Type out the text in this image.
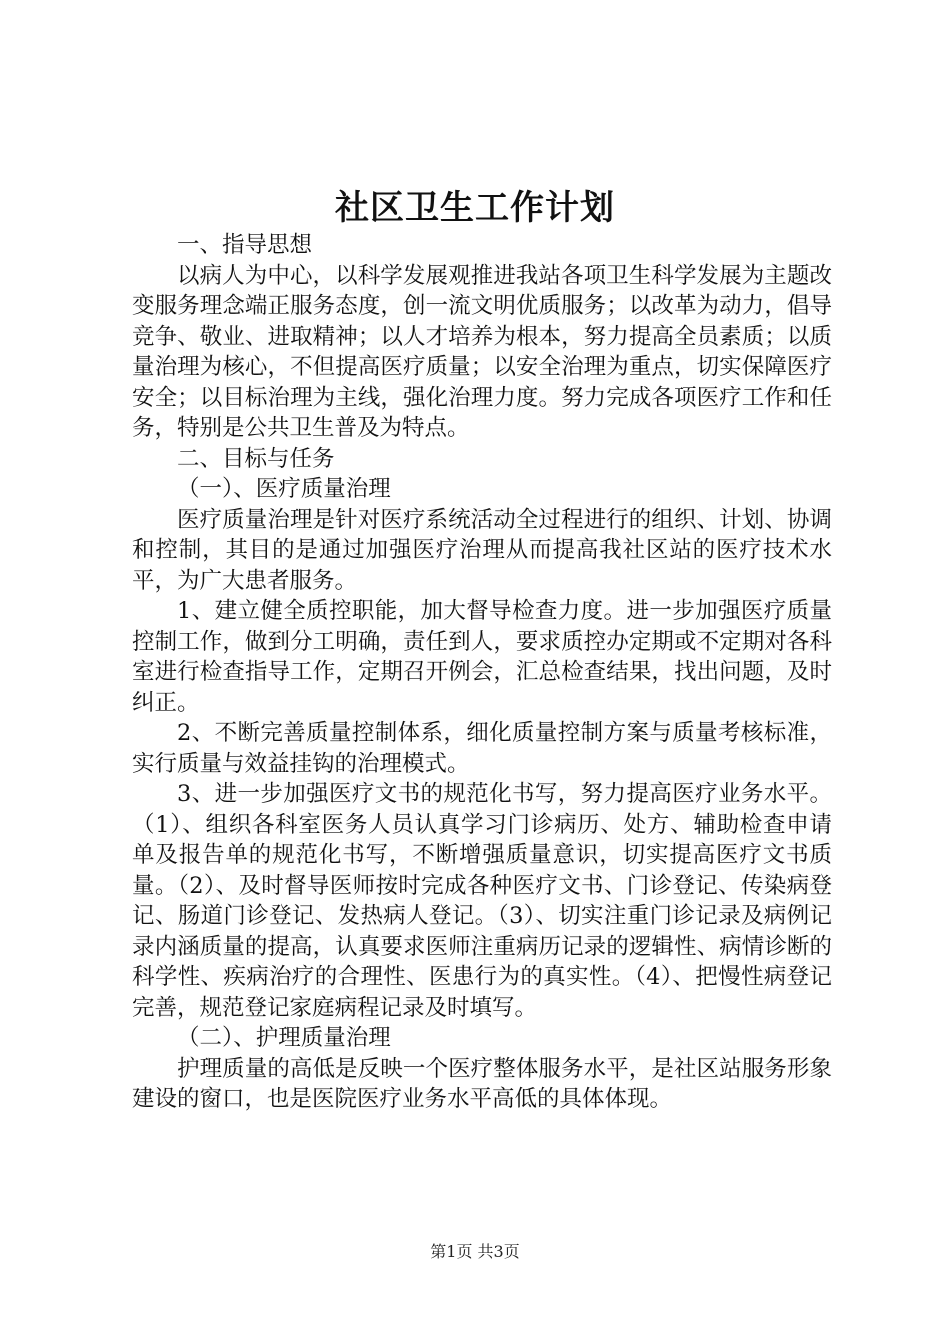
社区卫生工作计划

一、指导思想

以病人为中心，以科学发展观推进我站各项卫生科学发展为主题改变服务理念端正服务态度，创一流文明优质服务；以改革为动力，倡导竞争、敬业、进取精神；以人才培养为根本，努力提高全员素质；以质量治理为核心，不但提高医疗质量；以安全治理为重点，切实保障医疗安全；以目标治理为主线，强化治理力度。努力完成各项医疗工作和任务，特别是公共卫生普及为特点。

二、目标与任务

（一）、医疗质量治理

医疗质量治理是针对医疗系统活动全过程进行的组织、计划、协调和控制，其目的是通过加强医疗治理从而提高我社区站的医疗技术水平，为广大患者服务。

1、建立健全质控职能，加大督导检查力度。进一步加强医疗质量控制工作，做到分工明确，责任到人，要求质控办定期或不定期对各科室进行检查指导工作，定期召开例会，汇总检查结果，找出问题，及时纠正。

2、不断完善质量控制体系，细化质量控制方案与质量考核标准，实行质量与效益挂钩的治理模式。

3、进一步加强医疗文书的规范化书写，努力提高医疗业务水平。（1）、组织各科室医务人员认真学习门诊病历、处方、辅助检查申请单及报告单的规范化书写，不断增强质量意识，切实提高医疗文书质量。（2）、及时督导医师按时完成各种医疗文书、门诊登记、传染病登记、肠道门诊登记、发热病人登记。（3）、切实注重门诊记录及病例记录内涵质量的提高，认真要求医师注重病历记录的逻辑性、病情诊断的科学性、疾病治疗的合理性、医患行为的真实性。（4）、把慢性病登记完善，规范登记家庭病程记录及时填写。

（二）、护理质量治理

护理质量的高低是反映一个医疗整体服务水平，是社区站服务形象建设的窗口，也是医院医疗业务水平高低的具体体现。

第1页 共3页
